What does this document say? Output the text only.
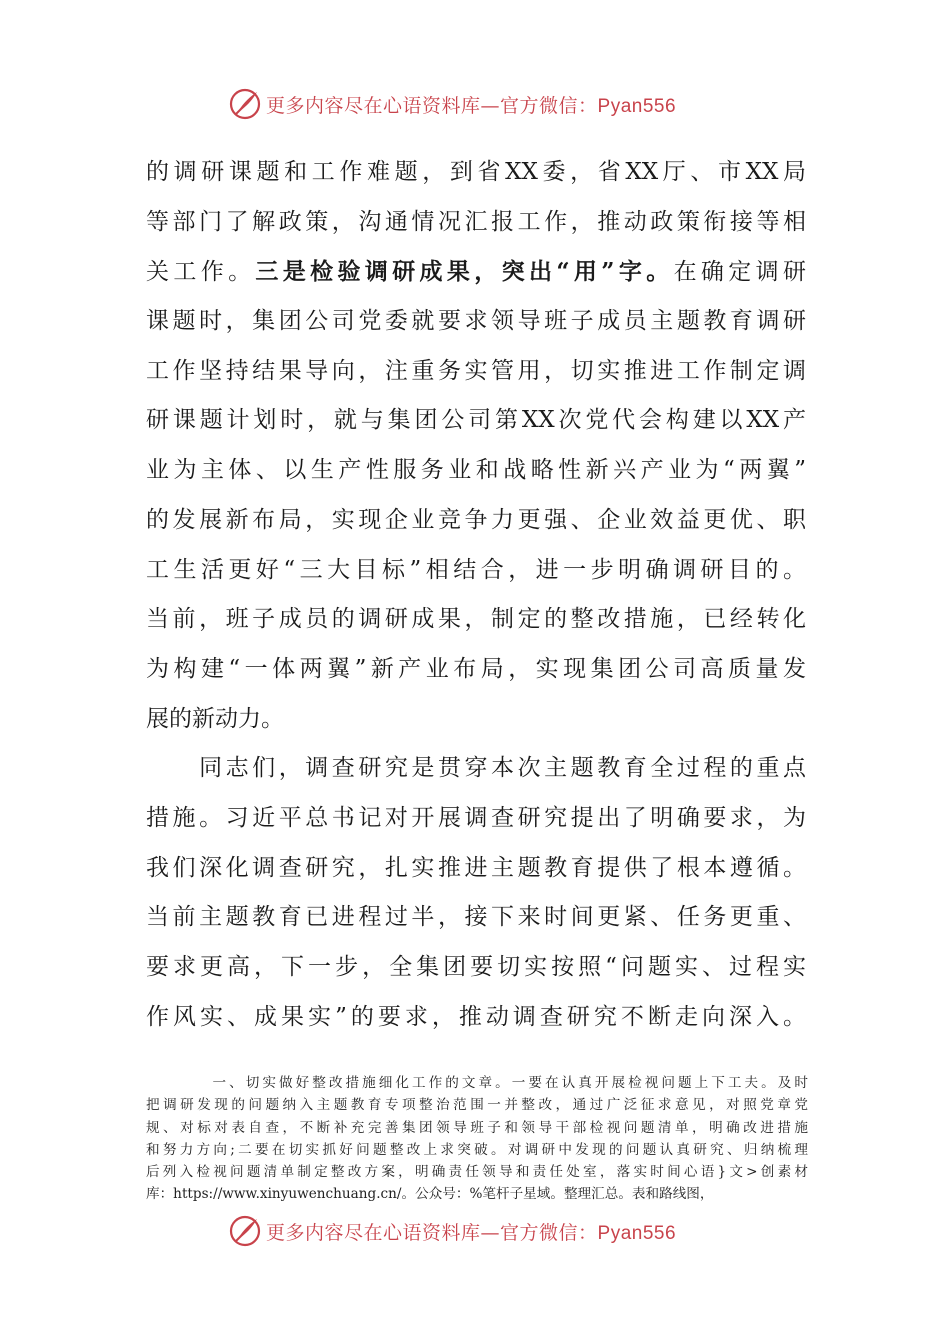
更多内容尽在心语资料库—官方微信：Pyan556
的调研课题和工作难题，到省XX委，省XX厅、市XX局
等部门了解政策，沟通情况汇报工作，推动政策衔接等相
关工作。三是检验调研成果，突出“用”字。在确定调研
课题时，集团公司党委就要求领导班子成员主题教育调研
工作坚持结果导向，注重务实管用，切实推进工作制定调
研课题计划时，就与集团公司第XX次党代会构建以XX产
业为主体、以生产性服务业和战略性新兴产业为“两翼”
的发展新布局，实现企业竞争力更强、企业效益更优、职
工生活更好“三大目标”相结合，进一步明确调研目的。
当前，班子成员的调研成果，制定的整改措施，已经转化
为构建“一体两翼”新产业布局，实现集团公司高质量发
展的新动力。
　　同志们，调查研究是贯穿本次主题教育全过程的重点
措施。习近平总书记对开展调查研究提出了明确要求，为
我们深化调查研究，扎实推进主题教育提供了根本遵循。
当前主题教育已进程过半，接下来时间更紧、任务更重、
要求更高，下一步，全集团要切实按照“问题实、过程实
作风实、成果实”的要求，推动调查研究不断走向深入。
　　　　一、切实做好整改措施细化工作的文章。一要在认真开展检视问题上下工夫。及时
把调研发现的问题纳入主题教育专项整治范围一并整改，通过广泛征求意见，对照党章党
规、对标对表自查，不断补充完善集团领导班子和领导干部检视问题清单，明确改进措施
和努力方向;二要在切实抓好问题整改上求突破。对调研中发现的问题认真研究、归纳梳理
后列入检视问题清单制定整改方案，明确责任领导和责任处室，落实时间心语}文>创素材
库：https://www.xinyuwenchuang.cn/。公众号：%笔杆子星域。整理汇总。表和路线图，
更多内容尽在心语资料库—官方微信：Pyan556
